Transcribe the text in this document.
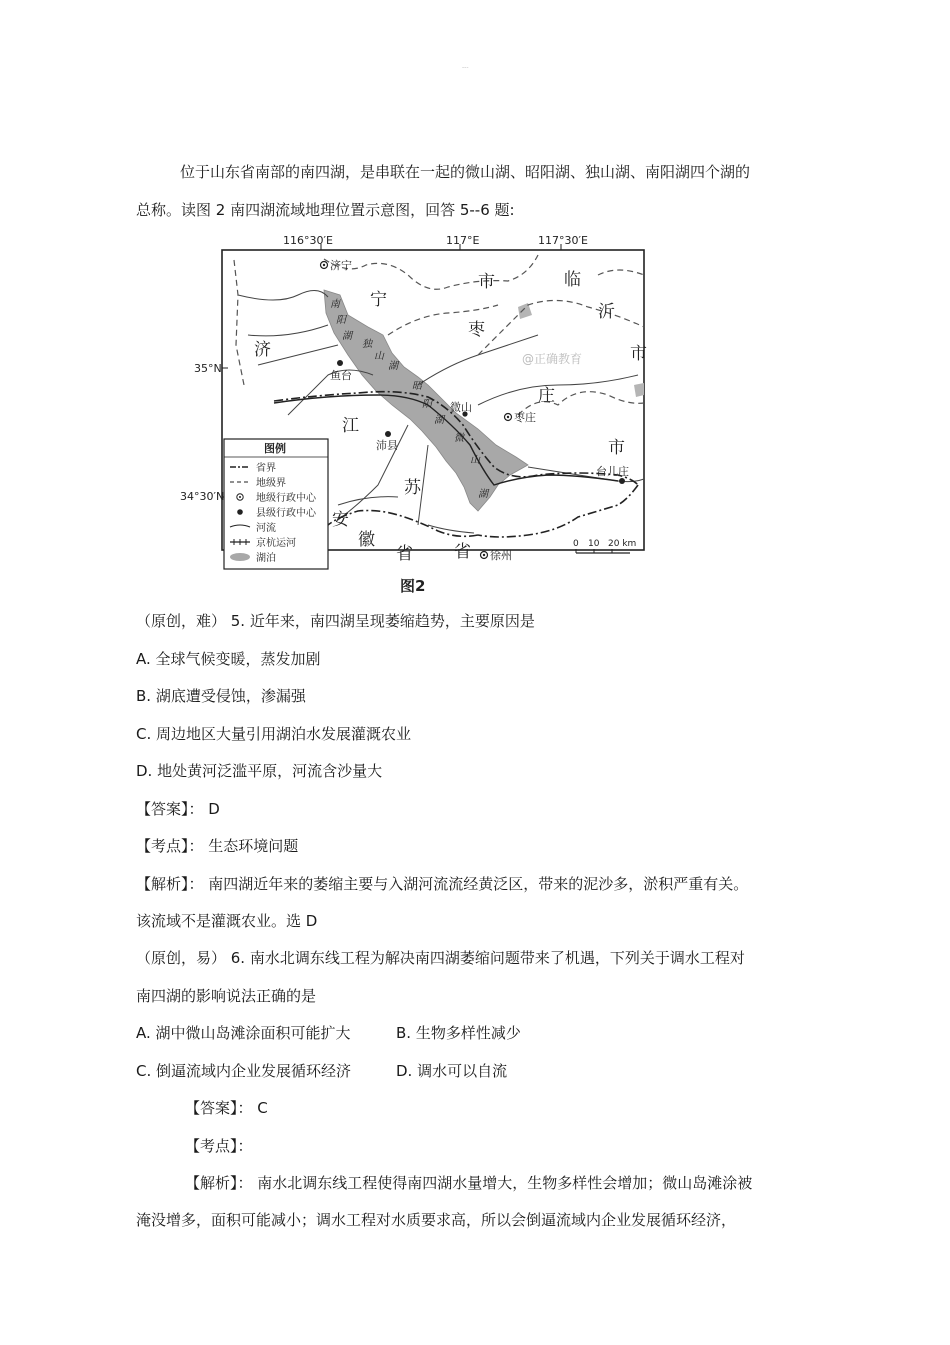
---
位于山东省南部的南四湖，是串联在一起的微山湖、昭阳湖、独山湖、南阳湖四个湖的
总称。读图 2 南四湖流域地理位置示意图，回答 5--6 题:
116°30′E	117°E	117°30′E
35°N
34°30′N
济宁
鱼台
微山
枣庄
沛县
台儿庄
徐州
济
宁
市	临
沂
市
枣
庄
市
江
苏
安
徽
省 省
南
阳
湖
独
山
湖
昭
阳
湖
微
山
湖
@正确教育
图例
省界
地级界
地级行政中心
县级行政中心
河流
京杭运河
湖泊
0 10 20 km
图2
（原创，难） 5. 近年来，南四湖呈现萎缩趋势，主要原因是
A. 全球气候变暖，蒸发加剧
B. 湖底遭受侵蚀，渗漏强
C. 周边地区大量引用湖泊水发展灌溉农业
D. 地处黄河泛滥平原，河流含沙量大
【答案】： D
【考点】： 生态环境问题
【解析】： 南四湖近年来的萎缩主要与入湖河流流经黄泛区，带来的泥沙多，淤积严重有关。
该流域不是灌溉农业。选 D
（原创，易） 6. 南水北调东线工程为解决南四湖萎缩问题带来了机遇，下列关于调水工程对
南四湖的影响说法正确的是
A. 湖中微山岛滩涂面积可能扩大	B. 生物多样性减少
C. 倒逼流域内企业发展循环经济	D. 调水可以自流
【答案】： C
【考点】：
【解析】： 南水北调东线工程使得南四湖水量增大，生物多样性会增加；微山岛滩涂被
淹没增多，面积可能减小；调水工程对水质要求高，所以会倒逼流域内企业发展循环经济，
